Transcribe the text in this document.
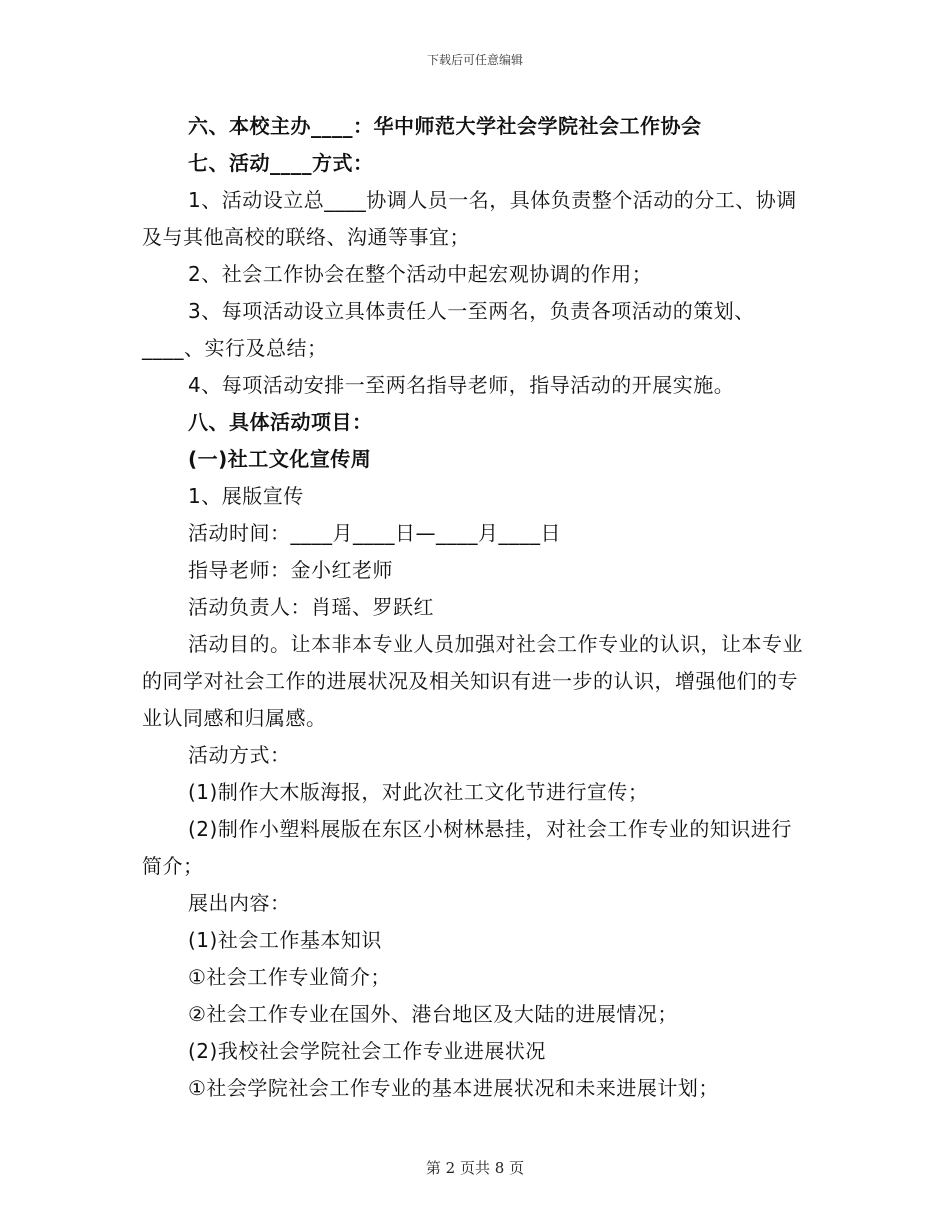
下载后可任意编辑

六、本校主办____：华中师范大学社会学院社会工作协会

七、活动____方式：

1、活动设立总____协调人员一名，具体负责整个活动的分工、协调及与其他高校的联络、沟通等事宜；

2、社会工作协会在整个活动中起宏观协调的作用；

3、每项活动设立具体责任人一至两名，负责各项活动的策划、____、实行及总结；

4、每项活动安排一至两名指导老师，指导活动的开展实施。

八、具体活动项目：

(一)社工文化宣传周

1、展版宣传

活动时间：____月____日—____月____日

指导老师：金小红老师

活动负责人：肖瑶、罗跃红

活动目的。让本非本专业人员加强对社会工作专业的认识，让本专业的同学对社会工作的进展状况及相关知识有进一步的认识，增强他们的专业认同感和归属感。

活动方式：

(1)制作大木版海报，对此次社工文化节进行宣传；

(2)制作小塑料展版在东区小树林悬挂，对社会工作专业的知识进行简介；

展出内容：

(1)社会工作基本知识

①社会工作专业简介；

②社会工作专业在国外、港台地区及大陆的进展情况；

(2)我校社会学院社会工作专业进展状况

①社会学院社会工作专业的基本进展状况和未来进展计划；

第 2 页共 8 页
